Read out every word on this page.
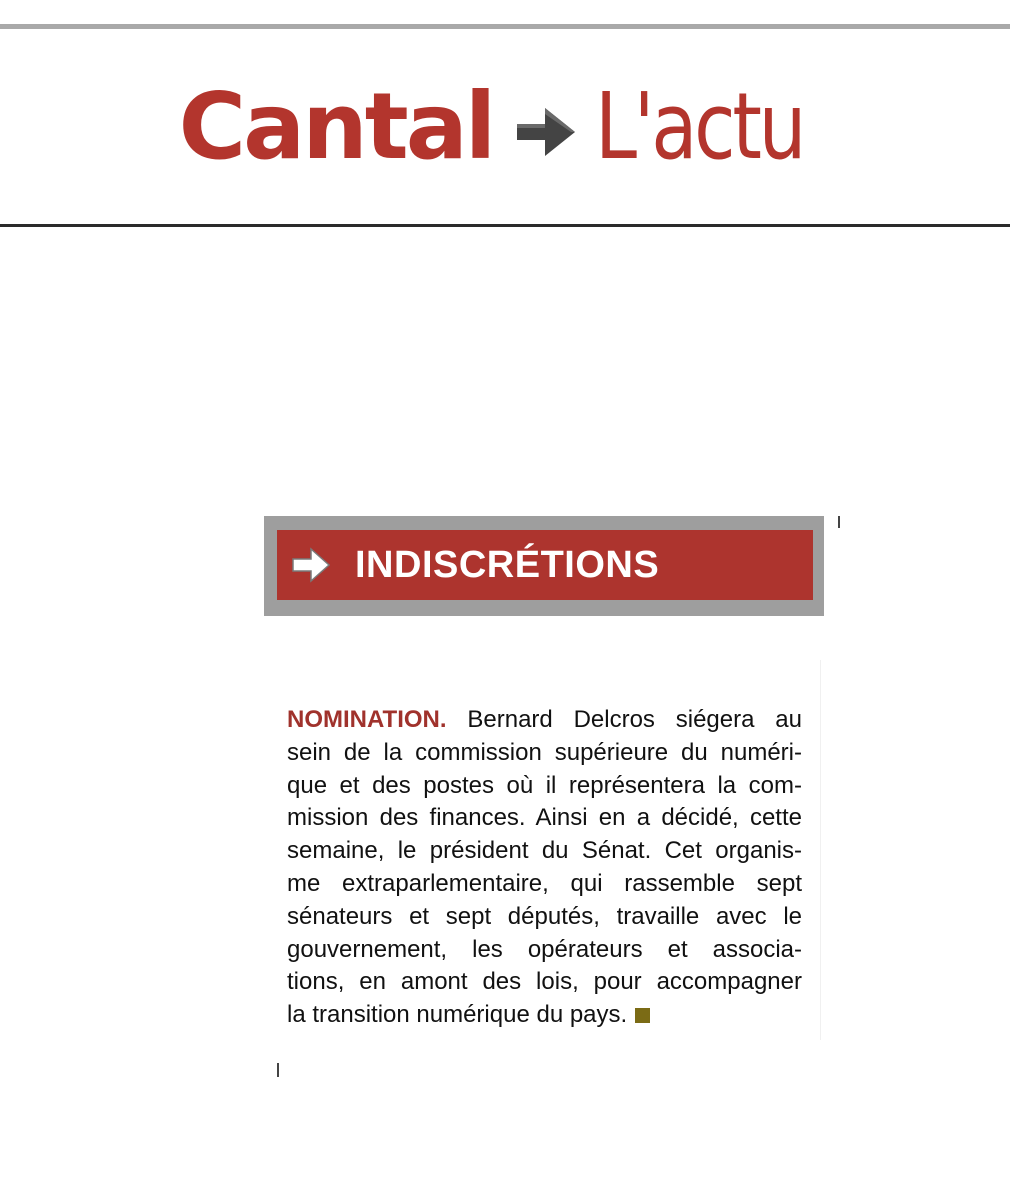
Cantal L'actu
INDISCRÉTIONS
NOMINATION. Bernard Delcros siégera au
sein de la commission supérieure du numéri-
que et des postes où il représentera la com-
mission des finances. Ainsi en a décidé, cette
semaine, le président du Sénat. Cet organis-
me extraparlementaire, qui rassemble sept
sénateurs et sept députés, travaille avec le
gouvernement, les opérateurs et associa-
tions, en amont des lois, pour accompagner
la transition numérique du pays.
